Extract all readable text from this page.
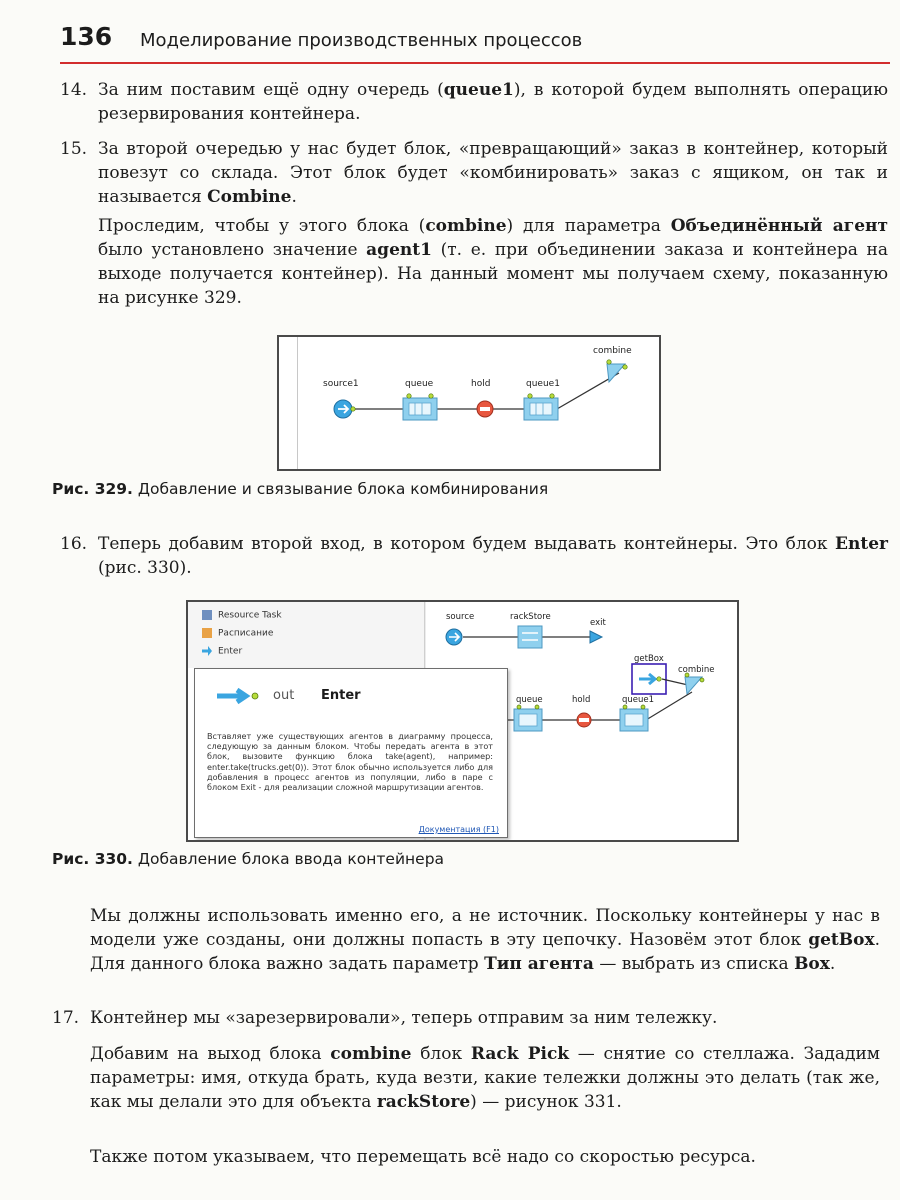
136 Моделирование производственных процессов
14. За ним поставим ещё одну очередь (queue1), в которой будем выполнять операцию резервирования контейнера.
15. За второй очередью у нас будет блок, «превращающий» заказ в контейнер, который повезут со склада. Этот блок будет «комбинировать» заказ с ящиком, он так и называется Combine.
Проследим, чтобы у этого блока (combine) для параметра Объединённый агент было установлено значение agent1 (т. е. при объединении заказа и контейнера на выходе получается контейнер). На данный момент мы получаем схему, показанную на рисунке 329.
source1	queue	hold	queue1
combine
Рис. 329. Добавление и связывание блока комбинирования
16. Теперь добавим второй вход, в котором будем выдавать контейнеры. Это блок Enter (рис. 330).
source	rackStore
exit
getBox
combine
queue	hold	queue1
Resource Task
Расписание
Enter
out Enter
Вставляет уже существующих агентов в диаграмму процесса, следующую за данным блоком. Чтобы передать агента в этот блок, вызовите функцию блока take(agent), например: enter.take(trucks.get(0)). Этот блок обычно используется либо для добавления в процесс агентов из популяции, либо в паре с блоком Exit - для реализации сложной маршрутизации агентов.
Документация (F1)
Рис. 330. Добавление блока ввода контейнера
Мы должны использовать именно его, а не источник. Поскольку контейнеры у нас в модели уже созданы, они должны попасть в эту цепочку. Назовём этот блок getBox. Для данного блока важно задать параметр Тип агента — выбрать из списка Box.
17. Контейнер мы «зарезервировали», теперь отправим за ним тележку.
Добавим на выход блока combine блок Rack Pick — снятие со стеллажа. Зададим параметры: имя, откуда брать, куда везти, какие тележки должны это делать (так же, как мы делали это для объекта rackStore) — рисунок 331.
Также потом указываем, что перемещать всё надо со скоростью ресурса.
